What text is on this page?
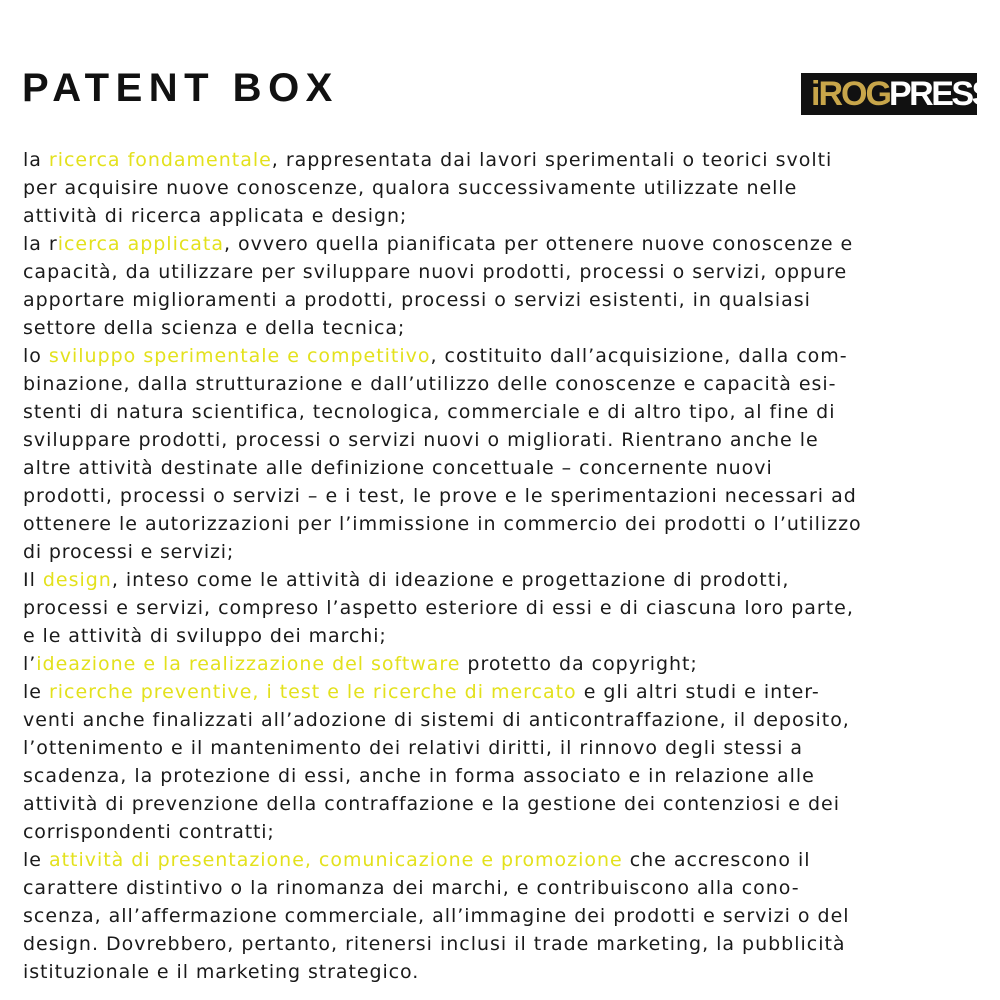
PATENT BOX	iROG PRESS
la ricerca fondamentale, rappresentata dai lavori sperimentali o teorici svolti
per acquisire nuove conoscenze, qualora successivamente utilizzate nelle
attività di ricerca applicata e design;
la ricerca applicata, ovvero quella pianificata per ottenere nuove conoscenze e
capacità, da utilizzare per sviluppare nuovi prodotti, processi o servizi, oppure
apportare miglioramenti a prodotti, processi o servizi esistenti, in qualsiasi
settore della scienza e della tecnica;
lo sviluppo sperimentale e competitivo, costituito dall’acquisizione, dalla com-
binazione, dalla strutturazione e dall’utilizzo delle conoscenze e capacità esi-
stenti di natura scientifica, tecnologica, commerciale e di altro tipo, al fine di
sviluppare prodotti, processi o servizi nuovi o migliorati. Rientrano anche le
altre attività destinate alle definizione concettuale – concernente nuovi
prodotti, processi o servizi – e i test, le prove e le sperimentazioni necessari ad
ottenere le autorizzazioni per l’immissione in commercio dei prodotti o l’utilizzo
di processi e servizi;
Il design, inteso come le attività di ideazione e progettazione di prodotti,
processi e servizi, compreso l’aspetto esteriore di essi e di ciascuna loro parte,
e le attività di sviluppo dei marchi;
l’ideazione e la realizzazione del software protetto da copyright;
le ricerche preventive, i test e le ricerche di mercato e gli altri studi e inter-
venti anche finalizzati all’adozione di sistemi di anticontraffazione, il deposito,
l’ottenimento e il mantenimento dei relativi diritti, il rinnovo degli stessi a
scadenza, la protezione di essi, anche in forma associato e in relazione alle
attività di prevenzione della contraffazione e la gestione dei contenziosi e dei
corrispondenti contratti;
le attività di presentazione, comunicazione e promozione che accrescono il
carattere distintivo o la rinomanza dei marchi, e contribuiscono alla cono-
scenza, all’affermazione commerciale, all’immagine dei prodotti e servizi o del
design. Dovrebbero, pertanto, ritenersi inclusi il trade marketing, la pubblicità
istituzionale e il marketing strategico.
